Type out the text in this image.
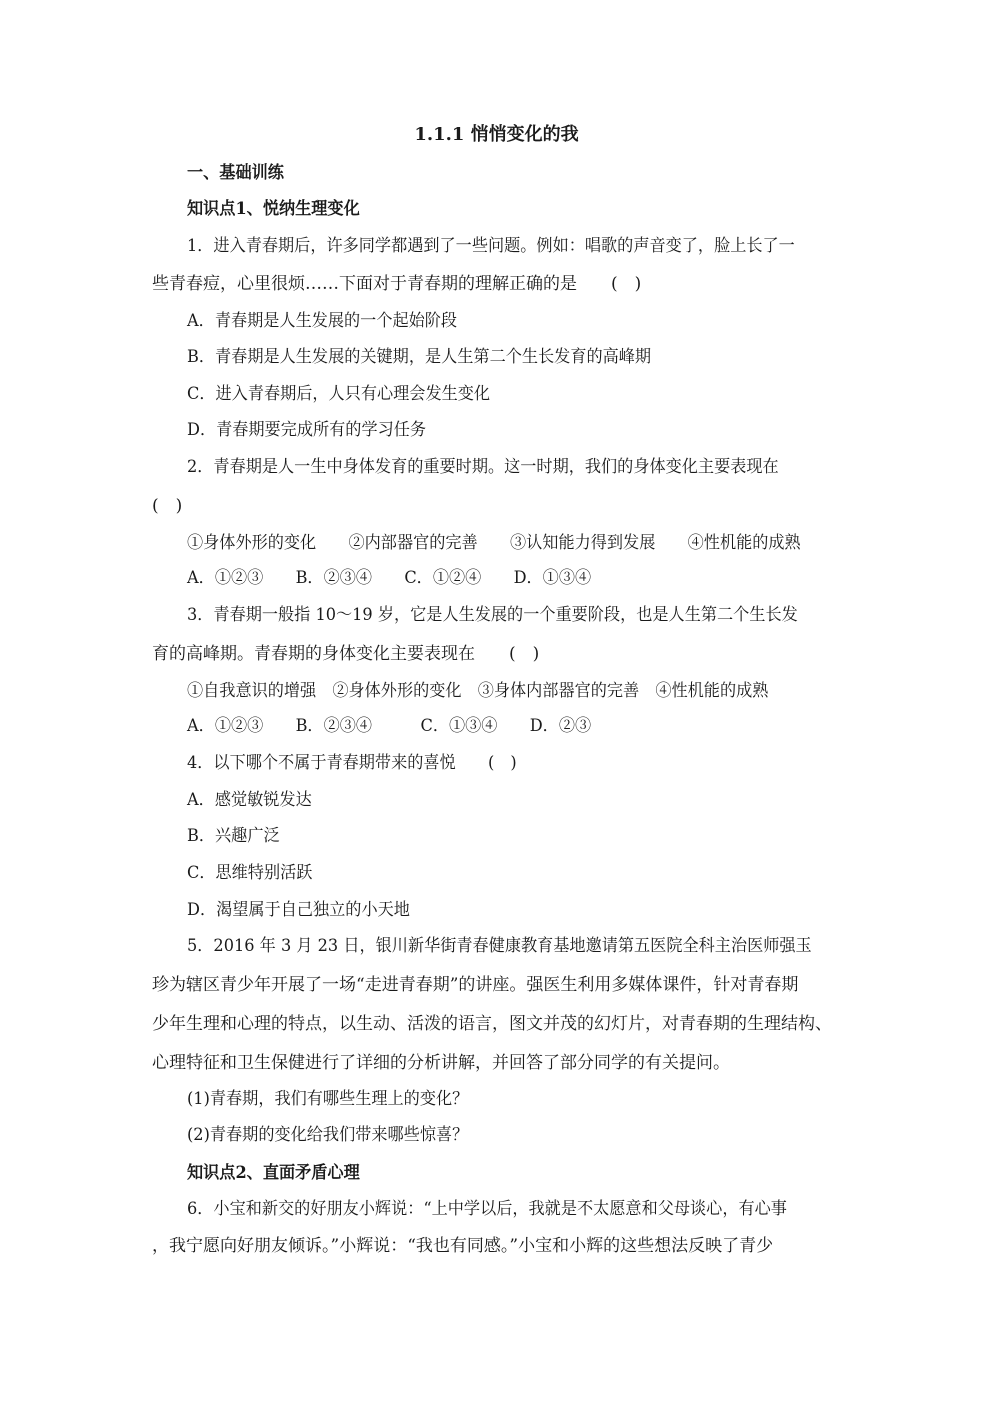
1.1.1 悄悄变化的我
一、基础训练
知识点1、悦纳生理变化
1．进入青春期后，许多同学都遇到了一些问题。例如：唱歌的声音变了，脸上长了一
些青春痘，心里很烦……下面对于青春期的理解正确的是　　(　)
A．青春期是人生发展的一个起始阶段
B．青春期是人生发展的关键期，是人生第二个生长发育的高峰期
C．进入青春期后，人只有心理会发生变化
D．青春期要完成所有的学习任务
2．青春期是人一生中身体发育的重要时期。这一时期，我们的身体变化主要表现在
(　)
①身体外形的变化　　②内部器官的完善　　③认知能力得到发展　　④性机能的成熟
A．①②③　　B．②③④　　C．①②④　　D．①③④
3．青春期一般指 10～19 岁，它是人生发展的一个重要阶段，也是人生第二个生长发
育的高峰期。青春期的身体变化主要表现在　　(　)
①自我意识的增强　②身体外形的变化　③身体内部器官的完善　④性机能的成熟
A．①②③　　B．②③④　　　C．①③④　　D．②③
4．以下哪个不属于青春期带来的喜悦　　(　)
A．感觉敏锐发达
B．兴趣广泛
C．思维特别活跃
D．渴望属于自己独立的小天地
5．2016 年 3 月 23 日，银川新华街青春健康教育基地邀请第五医院全科主治医师强玉
珍为辖区青少年开展了一场“走进青春期”的讲座。强医生利用多媒体课件，针对青春期
少年生理和心理的特点，以生动、活泼的语言，图文并茂的幻灯片，对青春期的生理结构、
心理特征和卫生保健进行了详细的分析讲解，并回答了部分同学的有关提问。
(1)青春期，我们有哪些生理上的变化？
(2)青春期的变化给我们带来哪些惊喜？
知识点2、直面矛盾心理
6．小宝和新交的好朋友小辉说：“上中学以后，我就是不太愿意和父母谈心，有心事
，我宁愿向好朋友倾诉。”小辉说：“我也有同感。”小宝和小辉的这些想法反映了青少
